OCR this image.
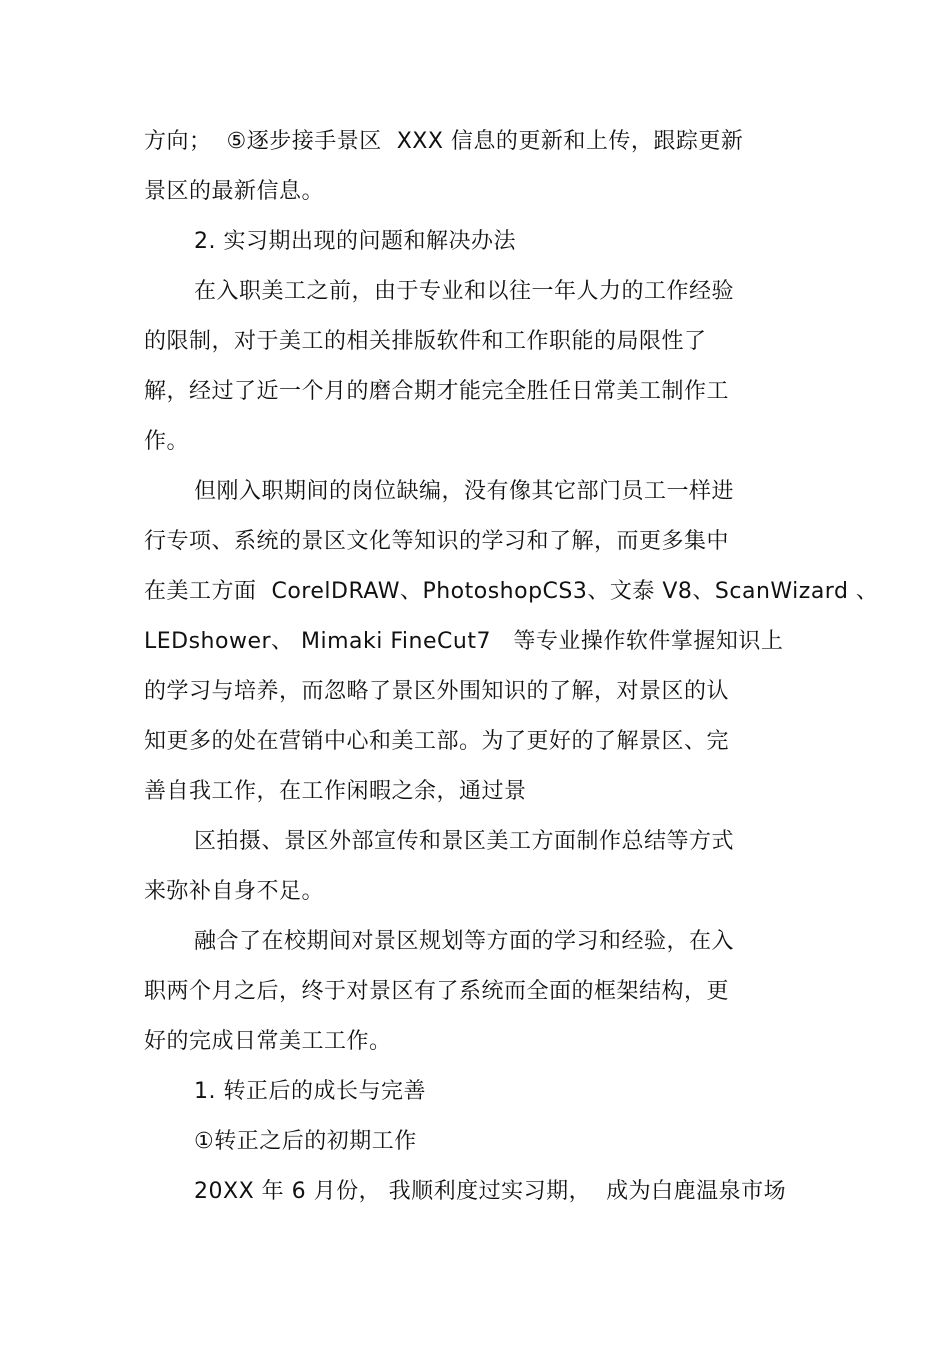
方向；  ⑤逐步接手景区  XXX 信息的更新和上传，跟踪更新
景区的最新信息。
2. 实习期出现的问题和解决办法
在入职美工之前，由于专业和以往一年人力的工作经验
的限制，对于美工的相关排版软件和工作职能的局限性了
解，经过了近一个月的磨合期才能完全胜任日常美工制作工
作。
但刚入职期间的岗位缺编，没有像其它部门员工一样进
行专项、系统的景区文化等知识的学习和了解，而更多集中
在美工方面  CorelDRAW、PhotoshopCS3、文泰 V8、ScanWizard 、
LEDshower、 Mimaki FineCut7   等专业操作软件掌握知识上
的学习与培养，而忽略了景区外围知识的了解，对景区的认
知更多的处在营销中心和美工部。为了更好的了解景区、完
善自我工作，在工作闲暇之余，通过景
区拍摄、景区外部宣传和景区美工方面制作总结等方式
来弥补自身不足。
融合了在校期间对景区规划等方面的学习和经验，在入
职两个月之后，终于对景区有了系统而全面的框架结构，更
好的完成日常美工工作。
1. 转正后的成长与完善
①转正之后的初期工作
20XX 年 6 月份， 我顺利度过实习期，  成为白鹿温泉市场
